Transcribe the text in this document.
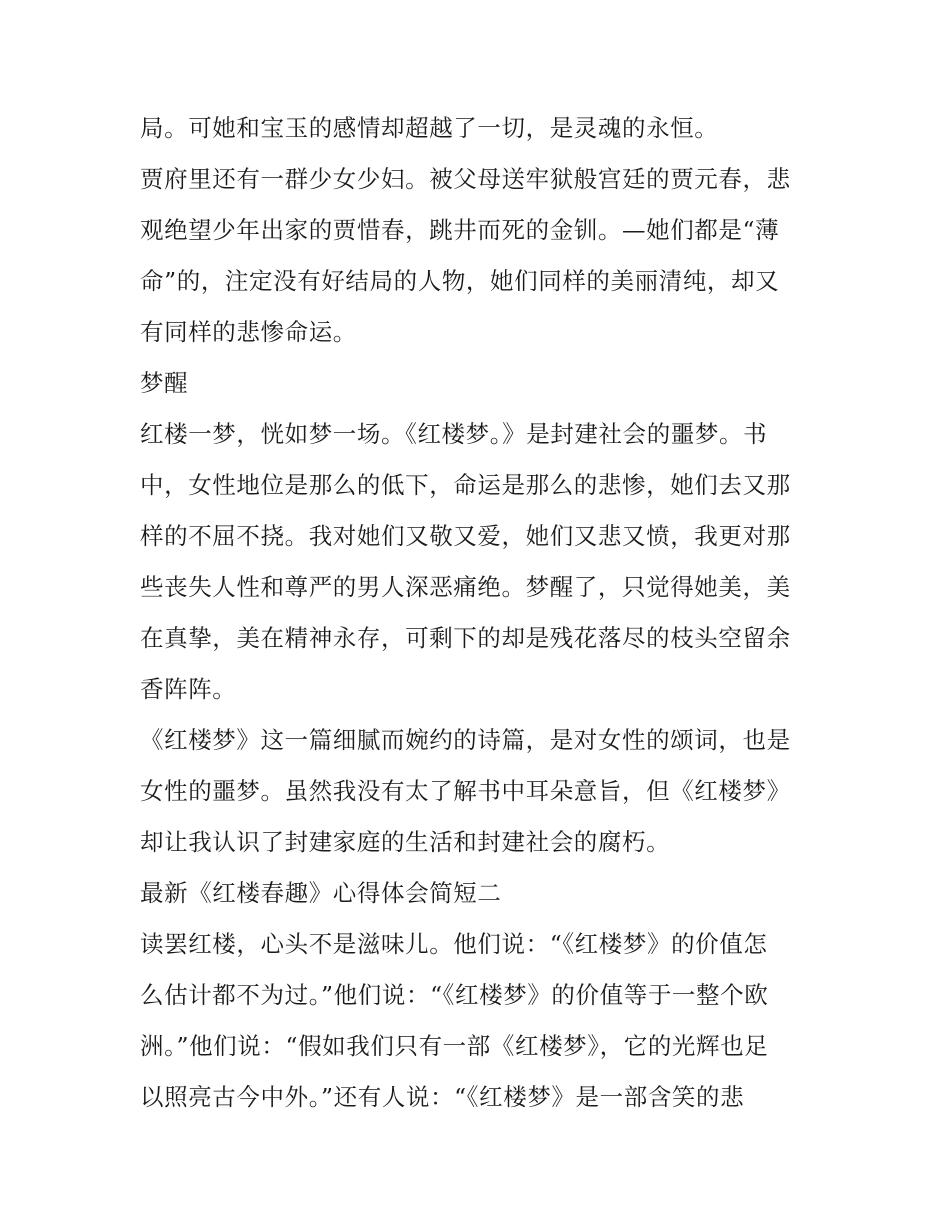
局。可她和宝玉的感情却超越了一切，是灵魂的永恒。
贾府里还有一群少女少妇。被父母送牢狱般宫廷的贾元春，悲
观绝望少年出家的贾惜春，跳井而死的金钏。—她们都是“薄
命”的，注定没有好结局的人物，她们同样的美丽清纯，却又
有同样的悲惨命运。
梦醒
红楼一梦，恍如梦一场。《红楼梦。》是封建社会的噩梦。书
中，女性地位是那么的低下，命运是那么的悲惨，她们去又那
样的不屈不挠。我对她们又敬又爱，她们又悲又愤，我更对那
些丧失人性和尊严的男人深恶痛绝。梦醒了，只觉得她美，美
在真挚，美在精神永存，可剩下的却是残花落尽的枝头空留余
香阵阵。
《红楼梦》这一篇细腻而婉约的诗篇，是对女性的颂词，也是
女性的噩梦。虽然我没有太了解书中耳朵意旨，但《红楼梦》
却让我认识了封建家庭的生活和封建社会的腐朽。
最新《红楼春趣》心得体会简短二
读罢红楼，心头不是滋味儿。他们说：“《红楼梦》的价值怎
么估计都不为过。”他们说：“《红楼梦》的价值等于一整个欧
洲。”他们说：“假如我们只有一部《红楼梦》，它的光辉也足
以照亮古今中外。”还有人说：“《红楼梦》是一部含笑的悲
